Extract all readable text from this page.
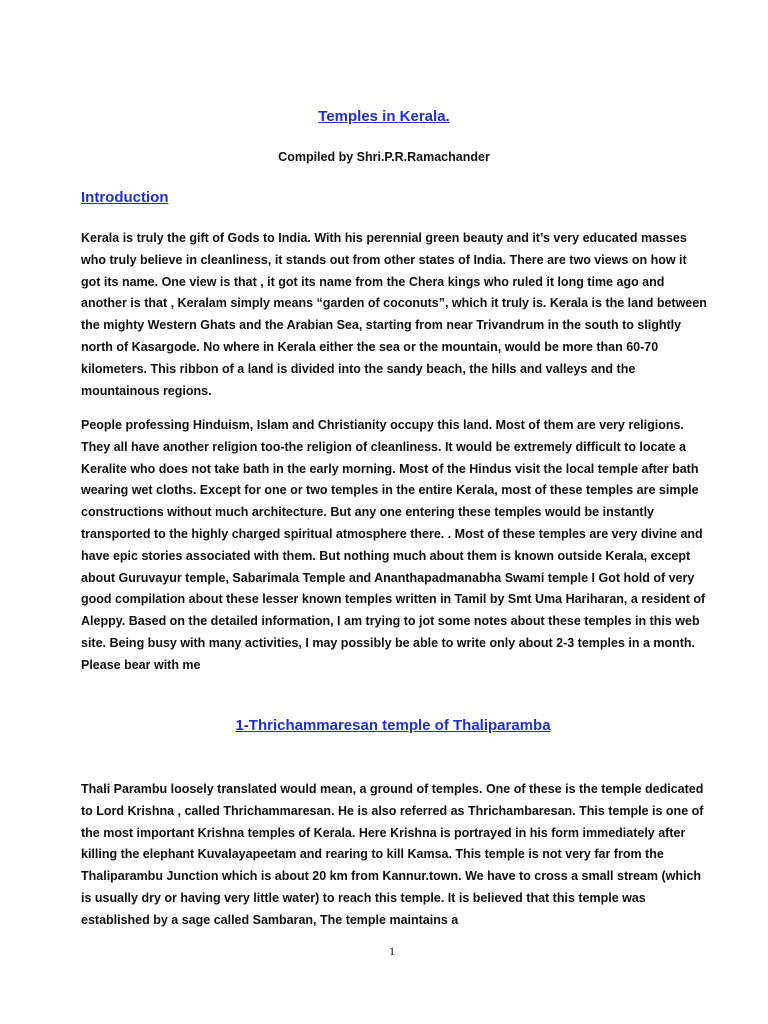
Temples in Kerala.
Compiled by Shri.P.R.Ramachander
Introduction

Kerala is truly the gift of Gods to India. With his perennial green beauty and it’s very educated masses who truly believe in cleanliness, it stands out from other states of India. There are two views on how it got its name. One view is that , it got its name from the Chera kings who ruled it long time ago and another is that , Keralam simply means “garden of coconuts”, which it truly is. Kerala is the land between the mighty Western Ghats and the Arabian Sea, starting from near Trivandrum in the south to slightly north of Kasargode. No where in Kerala either the sea or the mountain, would be more than 60-70 kilometers. This ribbon of a land is divided into the sandy beach, the hills and valleys and the mountainous regions.

People professing Hinduism, Islam and Christianity occupy this land. Most of them are very religions. They all have another religion too-the religion of cleanliness. It would be extremely difficult to locate a Keralite who does not take bath in the early morning. Most of the Hindus visit the local temple after bath wearing wet cloths. Except for one or two temples in the entire Kerala, most of these temples are simple constructions without much architecture. But any one entering these temples would be instantly transported to the highly charged spiritual atmosphere there. . Most of these temples are very divine and have epic stories associated with them. But nothing much about them is known outside Kerala, except about Guruvayur temple, Sabarimala Temple and Ananthapadmanabha Swami temple I Got hold of very good compilation about these lesser known temples written in Tamil by Smt Uma Hariharan, a resident of Aleppy. Based on the detailed information, I am trying to jot some notes about these temples in this web site. Being busy with many activities, I may possibly be able to write only about 2-3 temples in a month. Please bear with me

1-Thrichammaresan temple of Thaliparamba

Thali Parambu loosely translated would mean, a ground of temples. One of these is the temple dedicated to Lord Krishna , called Thrichammaresan. He is also referred as Thrichambaresan. This temple is one of the most important Krishna temples of Kerala. Here Krishna is portrayed in his form immediately after killing the elephant Kuvalayapeetam and rearing to kill Kamsa. This temple is not very far from the Thaliparambu Junction which is about 20 km from Kannur.town. We have to cross a small stream (which is usually dry or having very little water) to reach this temple. It is believed that this temple was established by a sage called Sambaran, The temple maintains a

1
